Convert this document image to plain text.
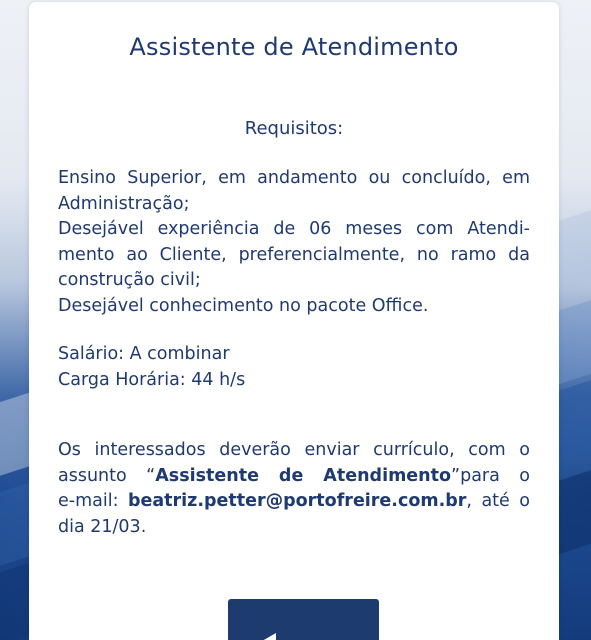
Assistente de Atendimento
Requisitos:
Ensino Superior, em andamento ou concluído, em
Administração;
Desejável experiência de 06 meses com Atendi-
mento ao Cliente, preferencialmente, no ramo da
construção civil;
Desejável conhecimento no pacote Office.
Salário: A combinar
Carga Horária: 44 h/s
Os interessados deverão enviar currículo, com o
assunto “Assistente de Atendimento”para o
e-mail: beatriz.petter@portofreire.com.br, até o
dia 21/03.
